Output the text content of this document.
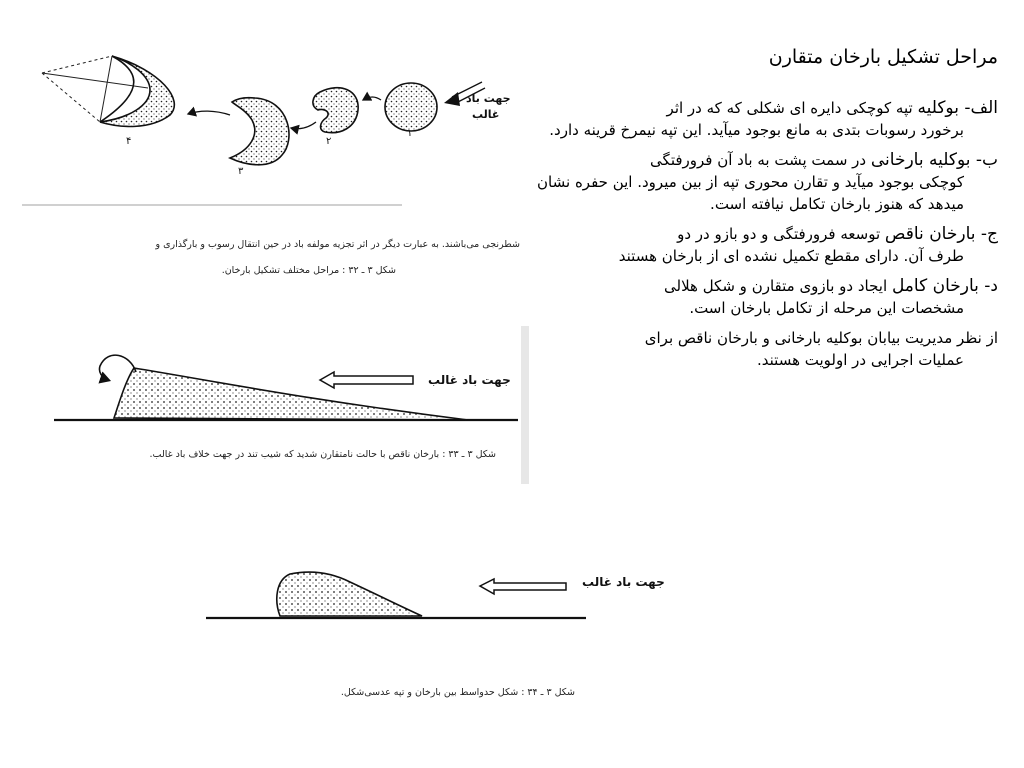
جهت باد
غالب
۱
۲
۳
۴
شطرنجی می‌باشند. به عبارت دیگر در اثر تجزیه مولفه باد در حین انتقال رسوب و بارگذاری و
شکل ۳ ـ ۳۲ : مراحل مختلف تشکیل بارخان.
جهت باد غالب
شکل ۳ ـ ۳۳ : بارخان ناقص با حالت نامتقارن شدید که شیب تند در جهت خلاف باد غالب.
جهت باد غالب
شکل ۳ ـ ۳۴ : شکل حدواسط بین بارخان و تپه عدسی‌شکل.
مراحل تشکیل بارخان متقارن
الف- بوکلیه تپه کوچکی دایره ای شکلی که که در اثر
برخورد رسوبات بتدی به مانع بوجود میآید. این تپه نیمرخ قرینه دارد.
ب- بوکلیه بارخانی در سمت پشت به باد آن فرورفتگی
کوچکی بوجود میآید و تقارن محوری تپه از بین میرود. این حفره نشان میدهد که هنوز بارخان تکامل نیافته است.
ج- بارخان ناقص توسعه فرورفتگی و دو بازو در دو
طرف آن. دارای مقطع تکمیل نشده ای از بارخان هستند
د- بارخان کامل ایجاد دو بازوی متقارن و شکل هلالی
مشخصات این مرحله از تکامل بارخان است.
از نظر مدیریت بیابان بوکلیه بارخانی و بارخان ناقص برای
عملیات اجرایی در اولویت هستند.
